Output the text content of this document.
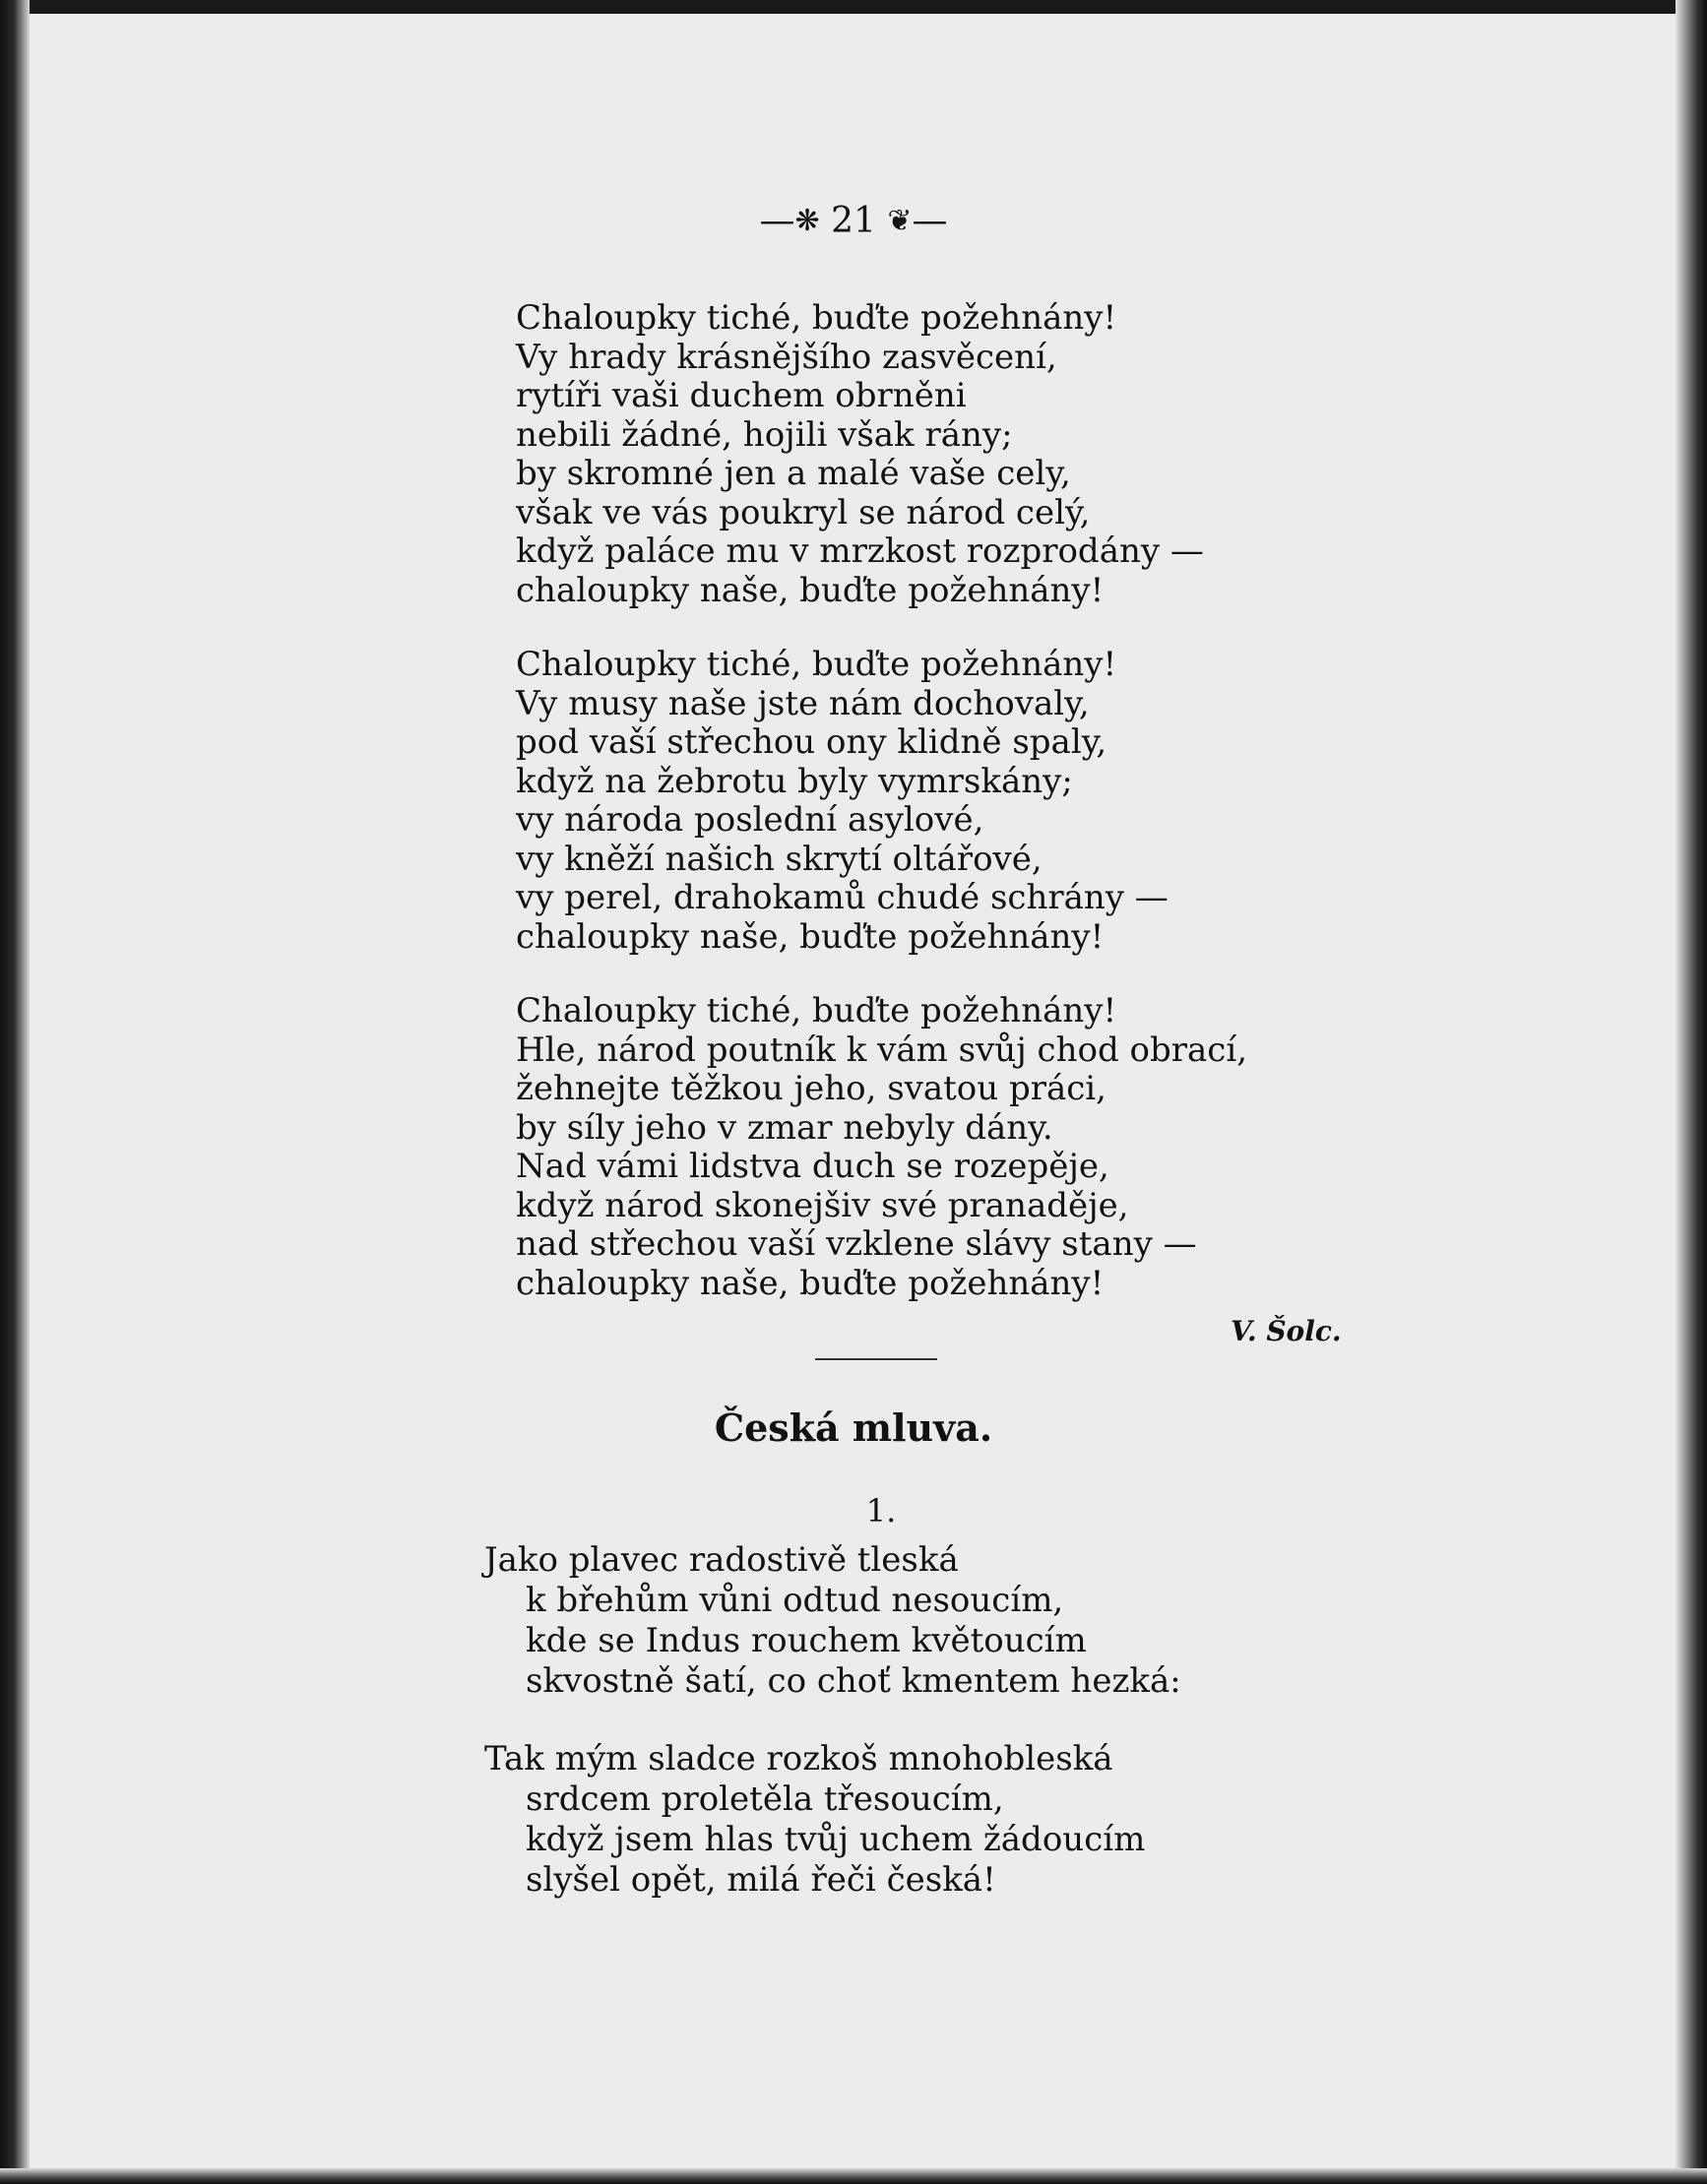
—❋ 21 ❦—
Chaloupky tiché, buďte požehnány!
Vy hrady krásnějšího zasvěcení,
rytíři vaši duchem obrněni
nebili žádné, hojili však rány;
by skromné jen a malé vaše cely,
však ve vás poukryl se národ celý,
když paláce mu v mrzkost rozprodány —
chaloupky naše, buďte požehnány!
Chaloupky tiché, buďte požehnány!
Vy musy naše jste nám dochovaly,
pod vaší střechou ony klidně spaly,
když na žebrotu byly vymrskány;
vy národa poslední asylové,
vy kněží našich skrytí oltářové,
vy perel, drahokamů chudé schrány —
chaloupky naše, buďte požehnány!
Chaloupky tiché, buďte požehnány!
Hle, národ poutník k vám svůj chod obrací,
žehnejte těžkou jeho, svatou práci,
by síly jeho v zmar nebyly dány.
Nad vámi lidstva duch se rozepěje,
když národ skonejšiv své pranaděje,
nad střechou vaší vzklene slávy stany —
chaloupky naše, buďte požehnány!
V. Šolc.
Česká mluva.
1.
Jako plavec radostivě tleská
k břehům vůni odtud nesoucím,
kde se Indus rouchem květoucím
skvostně šatí, co choť kmentem hezká:
Tak mým sladce rozkoš mnohobleská
srdcem proletěla třesoucím,
když jsem hlas tvůj uchem žádoucím
slyšel opět, milá řeči česká!
